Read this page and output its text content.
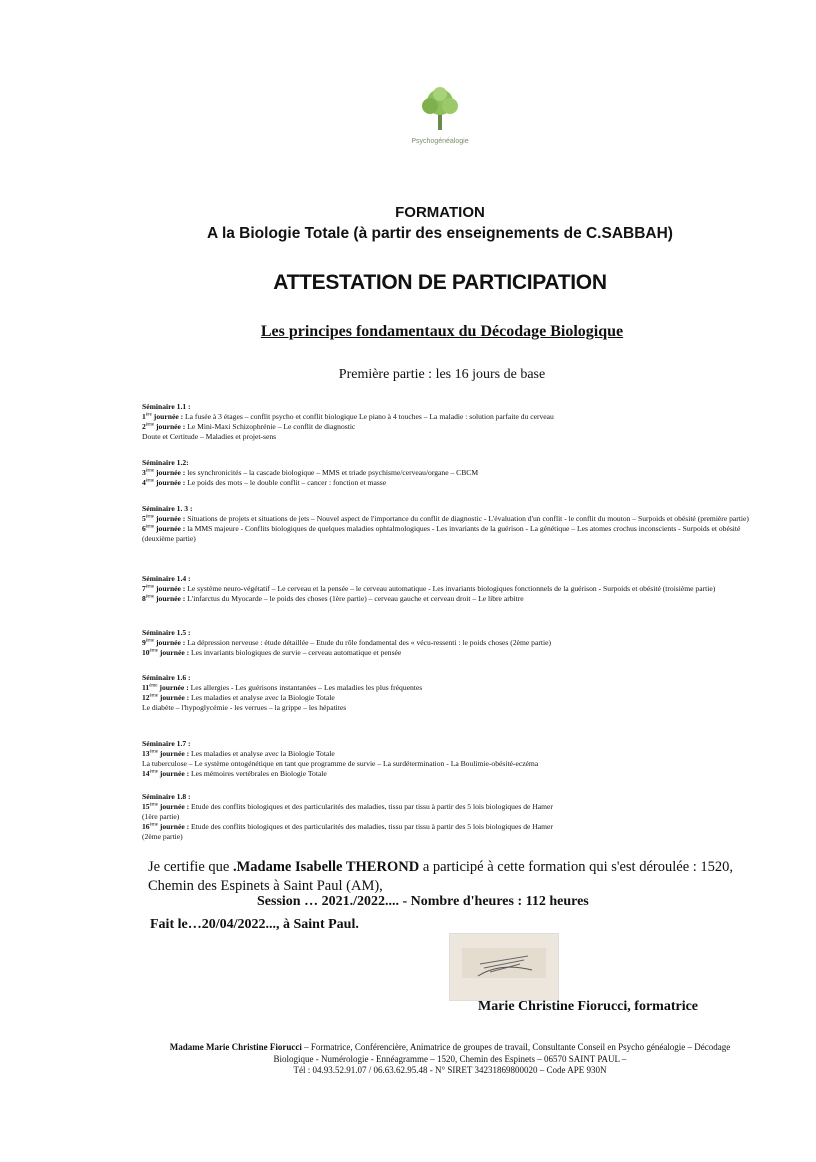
Psychogénéalogie
FORMATION
A la Biologie Totale (à partir des enseignements de C.SABBAH)
ATTESTATION DE PARTICIPATION
Les principes fondamentaux du Décodage Biologique
Première partie : les 16 jours de base
Séminaire 1.1 :
1ère journée : La fusée à 3 étages – conflit psycho et conflit biologique Le piano à 4 touches – La maladie : solution parfaite du cerveau
2ème journée : Le Mini-Maxi Schizophrénie – Le conflit de diagnostic
Doute et Certitude – Maladies et projet-sens
Séminaire 1.2:
3ème journée : les synchronicités – la cascade biologique – MMS et triade psychisme/cerveau/organe – CBCM
4ème journée : Le poids des mots – le double conflit – cancer : fonction et masse
Séminaire 1. 3 :
5ème journée : Situations de projets et situations de jets – Nouvel aspect de l'importance du conflit de diagnostic - L'évaluation d'un conflit - le conflit du mouton – Surpoids et obésité (première partie)
6ème journée : la MMS majeure - Conflits biologiques de quelques maladies ophtalmologiques - Les invariants de la guérison - La génétique – Les atomes crochus inconscients - Surpoids et obésité (deuxième partie)
Séminaire 1.4 :
7ème journée : Le système neuro-végétatif – Le cerveau et la pensée – le cerveau automatique - Les invariants biologiques fonctionnels de la guérison - Surpoids et obésité (troisième partie)
8ème journée : L'infarctus du Myocarde – le poids des choses (1ère partie) – cerveau gauche et cerveau droit – Le libre arbitre
Séminaire 1.5 :
9ème journée : La dépression nerveuse : étude détaillée – Etude du rôle fondamental des « vécu-ressenti : le poids choses (2ème partie)
10ème journée : Les invariants biologiques de survie – cerveau automatique et pensée
Séminaire 1.6 :
11ème journée : Les allergies - Les guérisons instantanées – Les maladies les plus fréquentes
12ème journée : Les maladies et analyse avec la Biologie Totale
Le diabète – l'hypoglycémie - les verrues – la grippe – les hépatites
Séminaire 1.7 :
13ème journée : Les maladies et analyse avec la Biologie Totale
La tuberculose – Le système ontogénétique en tant que programme de survie – La surdétermination - La Boulimie-obésité-eczéma
14ème journée : Les mémoires vertébrales en Biologie Totale
Séminaire 1.8 :
15ème journée : Etude des conflits biologiques et des particularités des maladies, tissu par tissu à partir des 5 lois biologiques de Hamer
(1ère partie)
16ème journée : Etude des conflits biologiques et des particularités des maladies, tissu par tissu à partir des 5 lois biologiques de Hamer
(2ème partie)
Je certifie que .Madame Isabelle THEROND a participé à cette formation qui s'est déroulée : 1520, Chemin des Espinets à Saint Paul (AM),
Session … 2021./2022.... - Nombre d'heures : 112 heures
Fait le…20/04/2022..., à Saint Paul.
Marie Christine Fiorucci, formatrice
Madame Marie Christine Fiorucci – Formatrice, Conférencière, Animatrice de groupes de travail, Consultante Conseil en Psycho généalogie – Décodage Biologique - Numérologie - Ennéagramme – 1520, Chemin des Espinets – 06570 SAINT PAUL –
Tél : 04.93.52.91.07 / 06.63.62.95.48 - N° SIRET 34231869800020 – Code APE 930N
